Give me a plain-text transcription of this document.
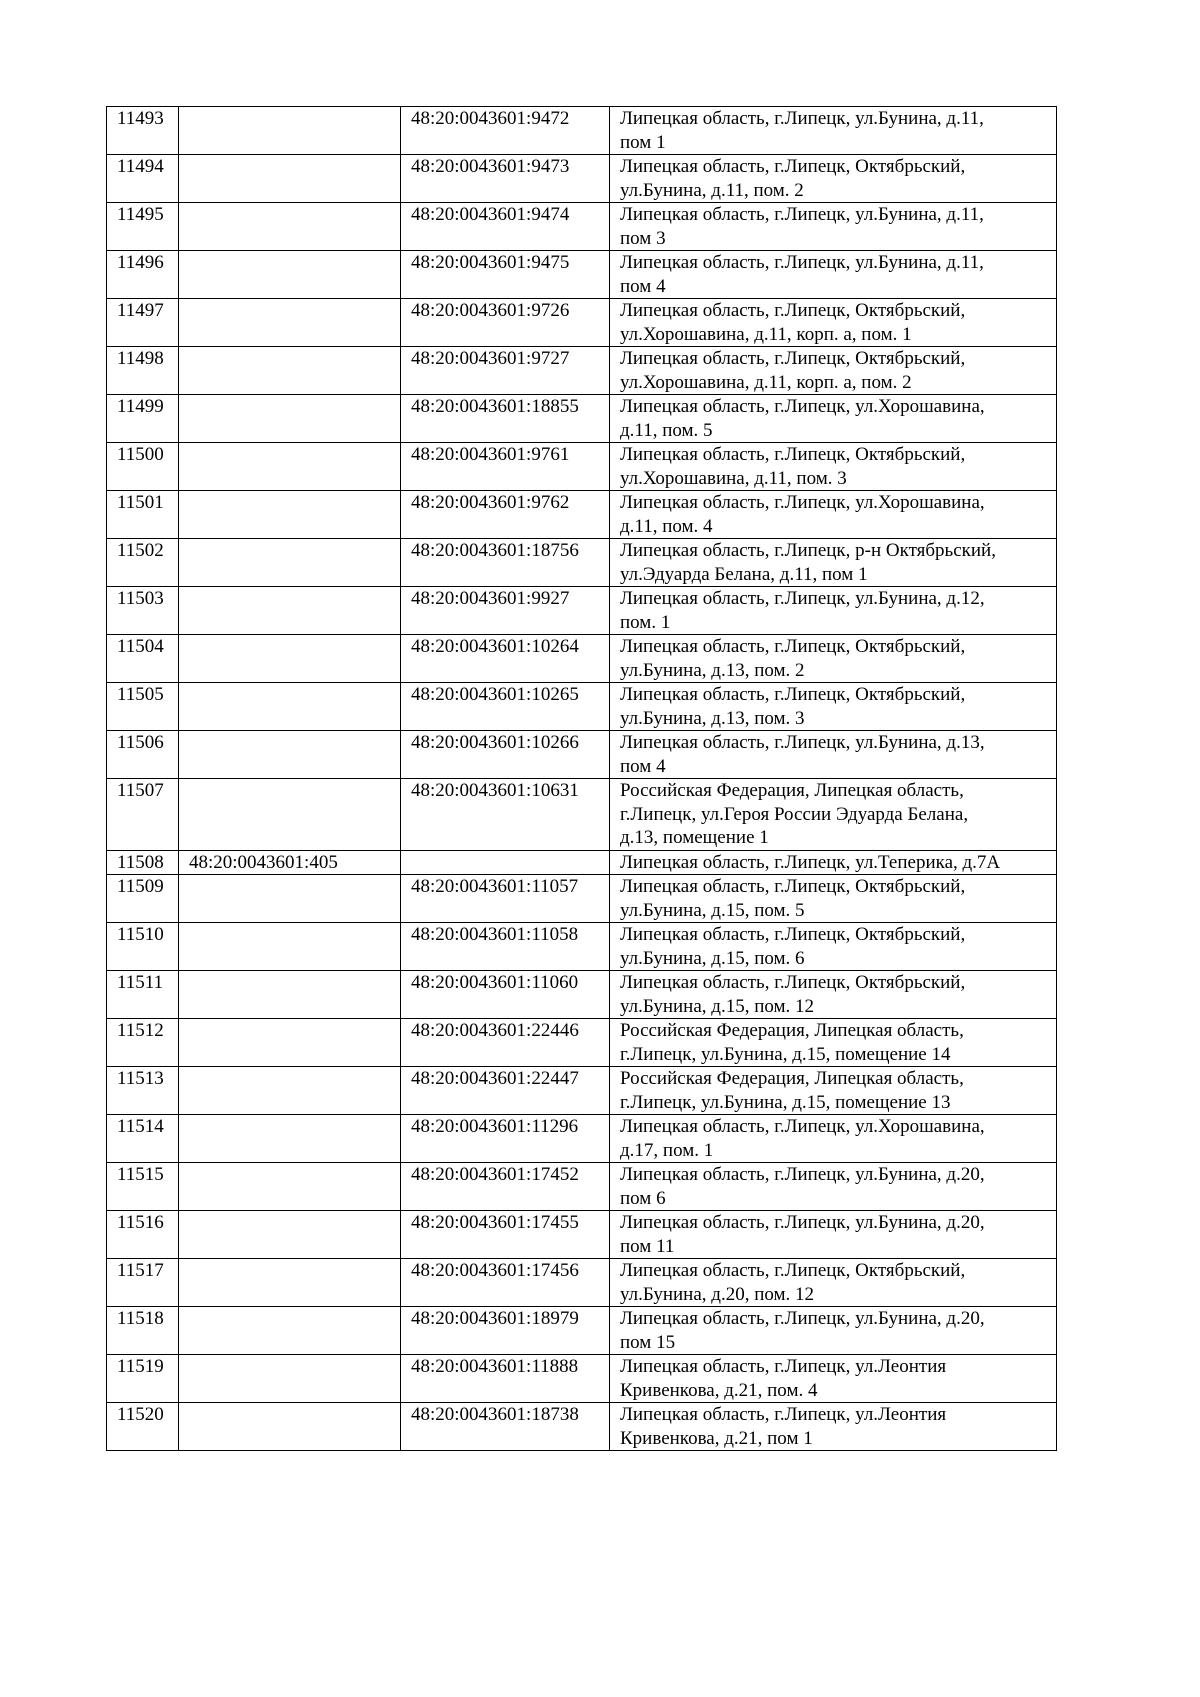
11493		48:20:0043601:9472	Липецкая область, г.Липецк, ул.Бунина, д.11,
пом 1

11494		48:20:0043601:9473	Липецкая область, г.Липецк, Октябрьский,
ул.Бунина, д.11, пом. 2

11495		48:20:0043601:9474	Липецкая область, г.Липецк, ул.Бунина, д.11,
пом 3

11496		48:20:0043601:9475	Липецкая область, г.Липецк, ул.Бунина, д.11,
пом 4

11497		48:20:0043601:9726	Липецкая область, г.Липецк, Октябрьский,
ул.Хорошавина, д.11, корп. а, пом. 1

11498		48:20:0043601:9727	Липецкая область, г.Липецк, Октябрьский,
ул.Хорошавина, д.11, корп. а, пом. 2

11499		48:20:0043601:18855	Липецкая область, г.Липецк, ул.Хорошавина,
д.11, пом. 5

11500		48:20:0043601:9761	Липецкая область, г.Липецк, Октябрьский,
ул.Хорошавина, д.11, пом. 3

11501		48:20:0043601:9762	Липецкая область, г.Липецк, ул.Хорошавина,
д.11, пом. 4

11502		48:20:0043601:18756	Липецкая область, г.Липецк, р-н Октябрьский,
ул.Эдуарда Белана, д.11, пом 1

11503		48:20:0043601:9927	Липецкая область, г.Липецк, ул.Бунина, д.12,
пом. 1

11504		48:20:0043601:10264	Липецкая область, г.Липецк, Октябрьский,
ул.Бунина, д.13, пом. 2

11505		48:20:0043601:10265	Липецкая область, г.Липецк, Октябрьский,
ул.Бунина, д.13, пом. 3

11506		48:20:0043601:10266	Липецкая область, г.Липецк, ул.Бунина, д.13,
пом 4

11507		48:20:0043601:10631	Российская Федерация, Липецкая область,
г.Липецк, ул.Героя России Эдуарда Белана,
д.13, помещение 1

11508	48:20:0043601:405		Липецкая область, г.Липецк, ул.Теперика, д.7А

11509		48:20:0043601:11057	Липецкая область, г.Липецк, Октябрьский,
ул.Бунина, д.15, пом. 5

11510		48:20:0043601:11058	Липецкая область, г.Липецк, Октябрьский,
ул.Бунина, д.15, пом. 6

11511		48:20:0043601:11060	Липецкая область, г.Липецк, Октябрьский,
ул.Бунина, д.15, пом. 12

11512		48:20:0043601:22446	Российская Федерация, Липецкая область,
г.Липецк, ул.Бунина, д.15, помещение 14

11513		48:20:0043601:22447	Российская Федерация, Липецкая область,
г.Липецк, ул.Бунина, д.15, помещение 13

11514		48:20:0043601:11296	Липецкая область, г.Липецк, ул.Хорошавина,
д.17, пом. 1

11515		48:20:0043601:17452	Липецкая область, г.Липецк, ул.Бунина, д.20,
пом 6

11516		48:20:0043601:17455	Липецкая область, г.Липецк, ул.Бунина, д.20,
пом 11

11517		48:20:0043601:17456	Липецкая область, г.Липецк, Октябрьский,
ул.Бунина, д.20, пом. 12

11518		48:20:0043601:18979	Липецкая область, г.Липецк, ул.Бунина, д.20,
пом 15

11519		48:20:0043601:11888	Липецкая область, г.Липецк, ул.Леонтия
Кривенкова, д.21, пом. 4

11520		48:20:0043601:18738	Липецкая область, г.Липецк, ул.Леонтия
Кривенкова, д.21, пом 1
